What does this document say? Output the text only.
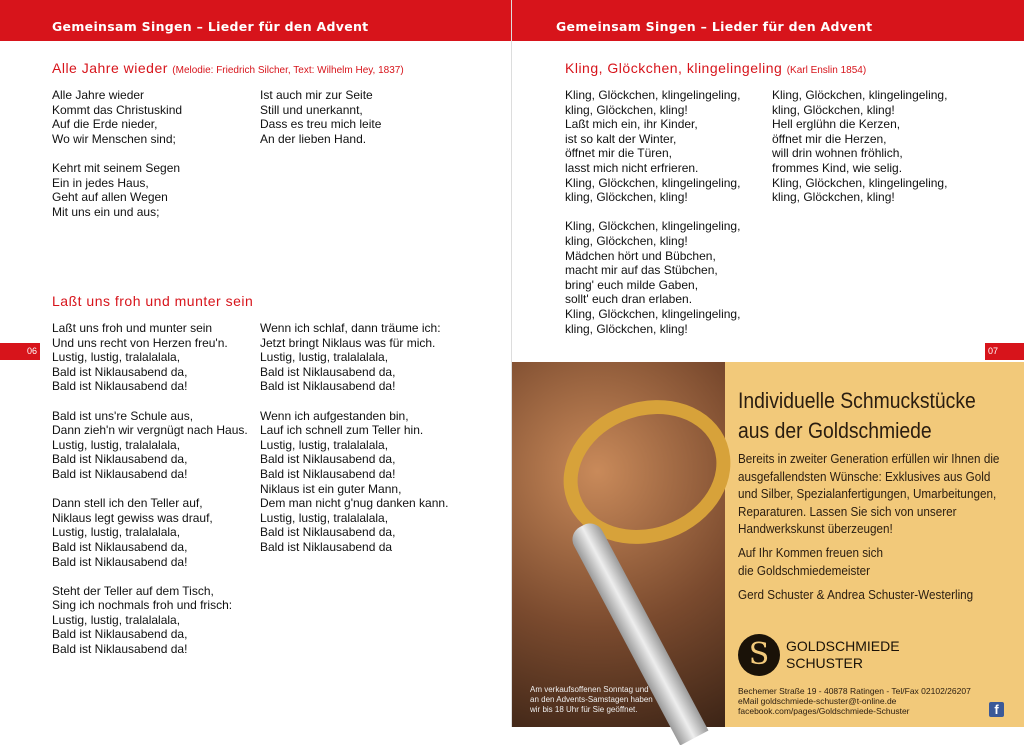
Gemeinsam Singen – Lieder für den Advent	Gemeinsam Singen – Lieder für den Advent
Alle Jahre wieder (Melodie: Friedrich Silcher, Text: Wilhelm Hey, 1837)
Alle Jahre wieder
Kommt das Christuskind
Auf die Erde nieder,
Wo wir Menschen sind;

Kehrt mit seinem Segen
Ein in jedes Haus,
Geht auf allen Wegen
Mit uns ein und aus;
Ist auch mir zur Seite
Still und unerkannt,
Dass es treu mich leite
An der lieben Hand.
Laßt uns froh und munter sein
Laßt uns froh und munter sein
Und uns recht von Herzen freu'n.
Lustig, lustig, tralalalala,
Bald ist Niklausabend da,
Bald ist Niklausabend da!

Bald ist uns're Schule aus,
Dann zieh'n wir vergnügt nach Haus.
Lustig, lustig, tralalalala,
Bald ist Niklausabend da,
Bald ist Niklausabend da!

Dann stell ich den Teller auf,
Niklaus legt gewiss was drauf,
Lustig, lustig, tralalalala,
Bald ist Niklausabend da,
Bald ist Niklausabend da!

Steht der Teller auf dem Tisch,
Sing ich nochmals froh und frisch:
Lustig, lustig, tralalalala,
Bald ist Niklausabend da,
Bald ist Niklausabend da!
Wenn ich schlaf, dann träume ich:
Jetzt bringt Niklaus was für mich.
Lustig, lustig, tralalalala,
Bald ist Niklausabend da,
Bald ist Niklausabend da!

Wenn ich aufgestanden bin,
Lauf ich schnell zum Teller hin.
Lustig, lustig, tralalalala,
Bald ist Niklausabend da,
Bald ist Niklausabend da!
Niklaus ist ein guter Mann,
Dem man nicht g'nug danken kann.
Lustig, lustig, tralalalala,
Bald ist Niklausabend da,
Bald ist Niklausabend da
06	07
Kling, Glöckchen, klingelingeling (Karl Enslin 1854)
Kling, Glöckchen, klingelingeling,
kling, Glöckchen, kling!
Laßt mich ein, ihr Kinder,
ist so kalt der Winter,
öffnet mir die Türen,
lasst mich nicht erfrieren.
Kling, Glöckchen, klingelingeling,
kling, Glöckchen, kling!

Kling, Glöckchen, klingelingeling,
kling, Glöckchen, kling!
Mädchen hört und Bübchen,
macht mir auf das Stübchen,
bring' euch milde Gaben,
sollt' euch dran erlaben.
Kling, Glöckchen, klingelingeling,
kling, Glöckchen, kling!
Kling, Glöckchen, klingelingeling,
kling, Glöckchen, kling!
Hell erglühn die Kerzen,
öffnet mir die Herzen,
will drin wohnen fröhlich,
frommes Kind, wie selig.
Kling, Glöckchen, klingelingeling,
kling, Glöckchen, kling!
Am verkaufsoffenen Sonntag und
an den Advents-Samstagen haben
wir bis 18 Uhr für Sie geöffnet.
Individuelle Schmuckstücke aus der Goldschmiede
Bereits in zweiter Generation erfüllen wir Ihnen die
ausgefallendsten Wünsche: Exklusives aus Gold
und Silber, Spezialanfertigungen, Umarbeitungen,
Reparaturen. Lassen Sie sich von unserer
Handwerkskunst überzeugen!
Auf Ihr Kommen freuen sich
die Goldschmiedemeister
Gerd Schuster & Andrea Schuster-Westerling
S	GOLDSCHMIEDE
SCHUSTER
Bechemer Straße 19 - 40878 Ratingen - Tel/Fax 02102/26207
eMail goldschmiede-schuster@t-online.de
facebook.com/pages/Goldschmiede-Schuster	f
